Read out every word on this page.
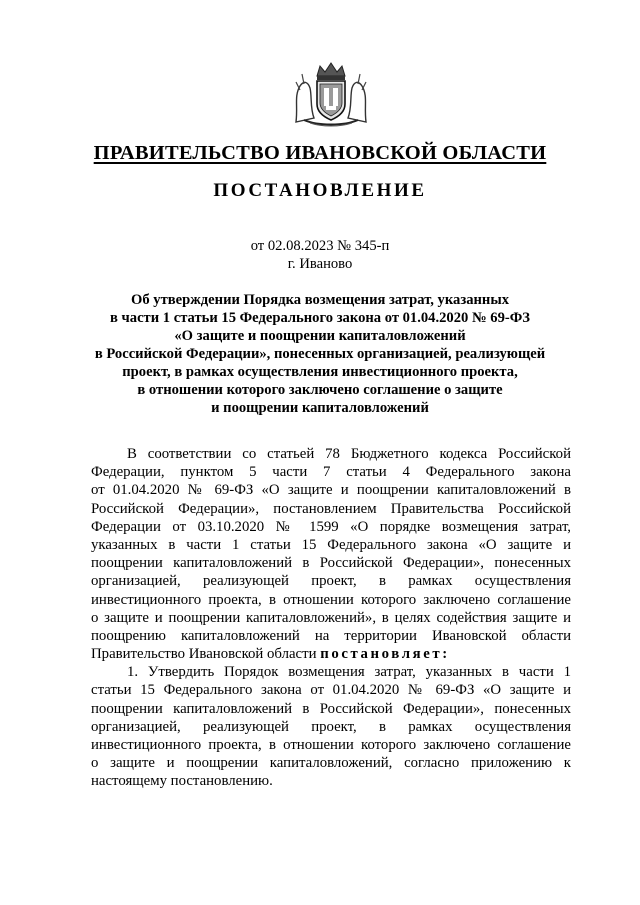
ПРАВИТЕЛЬСТВО ИВАНОВСКОЙ ОБЛАСТИ
ПОСТАНОВЛЕНИЕ
от 02.08.2023 № 345-п
г. Иваново
Об утверждении Порядка возмещения затрат, указанных
в части 1 статьи 15 Федерального закона от 01.04.2020 № 69-ФЗ
«О защите и поощрении капиталовложений
в Российской Федерации», понесенных организацией, реализующей
проект, в рамках осуществления инвестиционного проекта,
в отношении которого заключено соглашение о защите
и поощрении капиталовложений
В соответствии со статьей 78 Бюджетного кодекса Российской
Федерации, пунктом 5 части 7 статьи 4 Федерального закона
от 01.04.2020 № 69-ФЗ «О защите и поощрении капиталовложений в
Российской Федерации», постановлением Правительства Российской
Федерации от 03.10.2020 № 1599 «О порядке возмещения затрат,
указанных в части 1 статьи 15 Федерального закона «О защите и
поощрении капиталовложений в Российской Федерации», понесенных
организацией, реализующей проект, в рамках осуществления
инвестиционного проекта, в отношении которого заключено соглашение
о защите и поощрении капиталовложений», в целях содействия защите и
поощрению капиталовложений на территории Ивановской области
Правительство Ивановской области постановляет:
1. Утвердить Порядок возмещения затрат, указанных в части 1
статьи 15 Федерального закона от 01.04.2020 № 69-ФЗ «О защите и
поощрении капиталовложений в Российской Федерации», понесенных
организацией, реализующей проект, в рамках осуществления
инвестиционного проекта, в отношении которого заключено соглашение
о защите и поощрении капиталовложений, согласно приложению к
настоящему постановлению.
